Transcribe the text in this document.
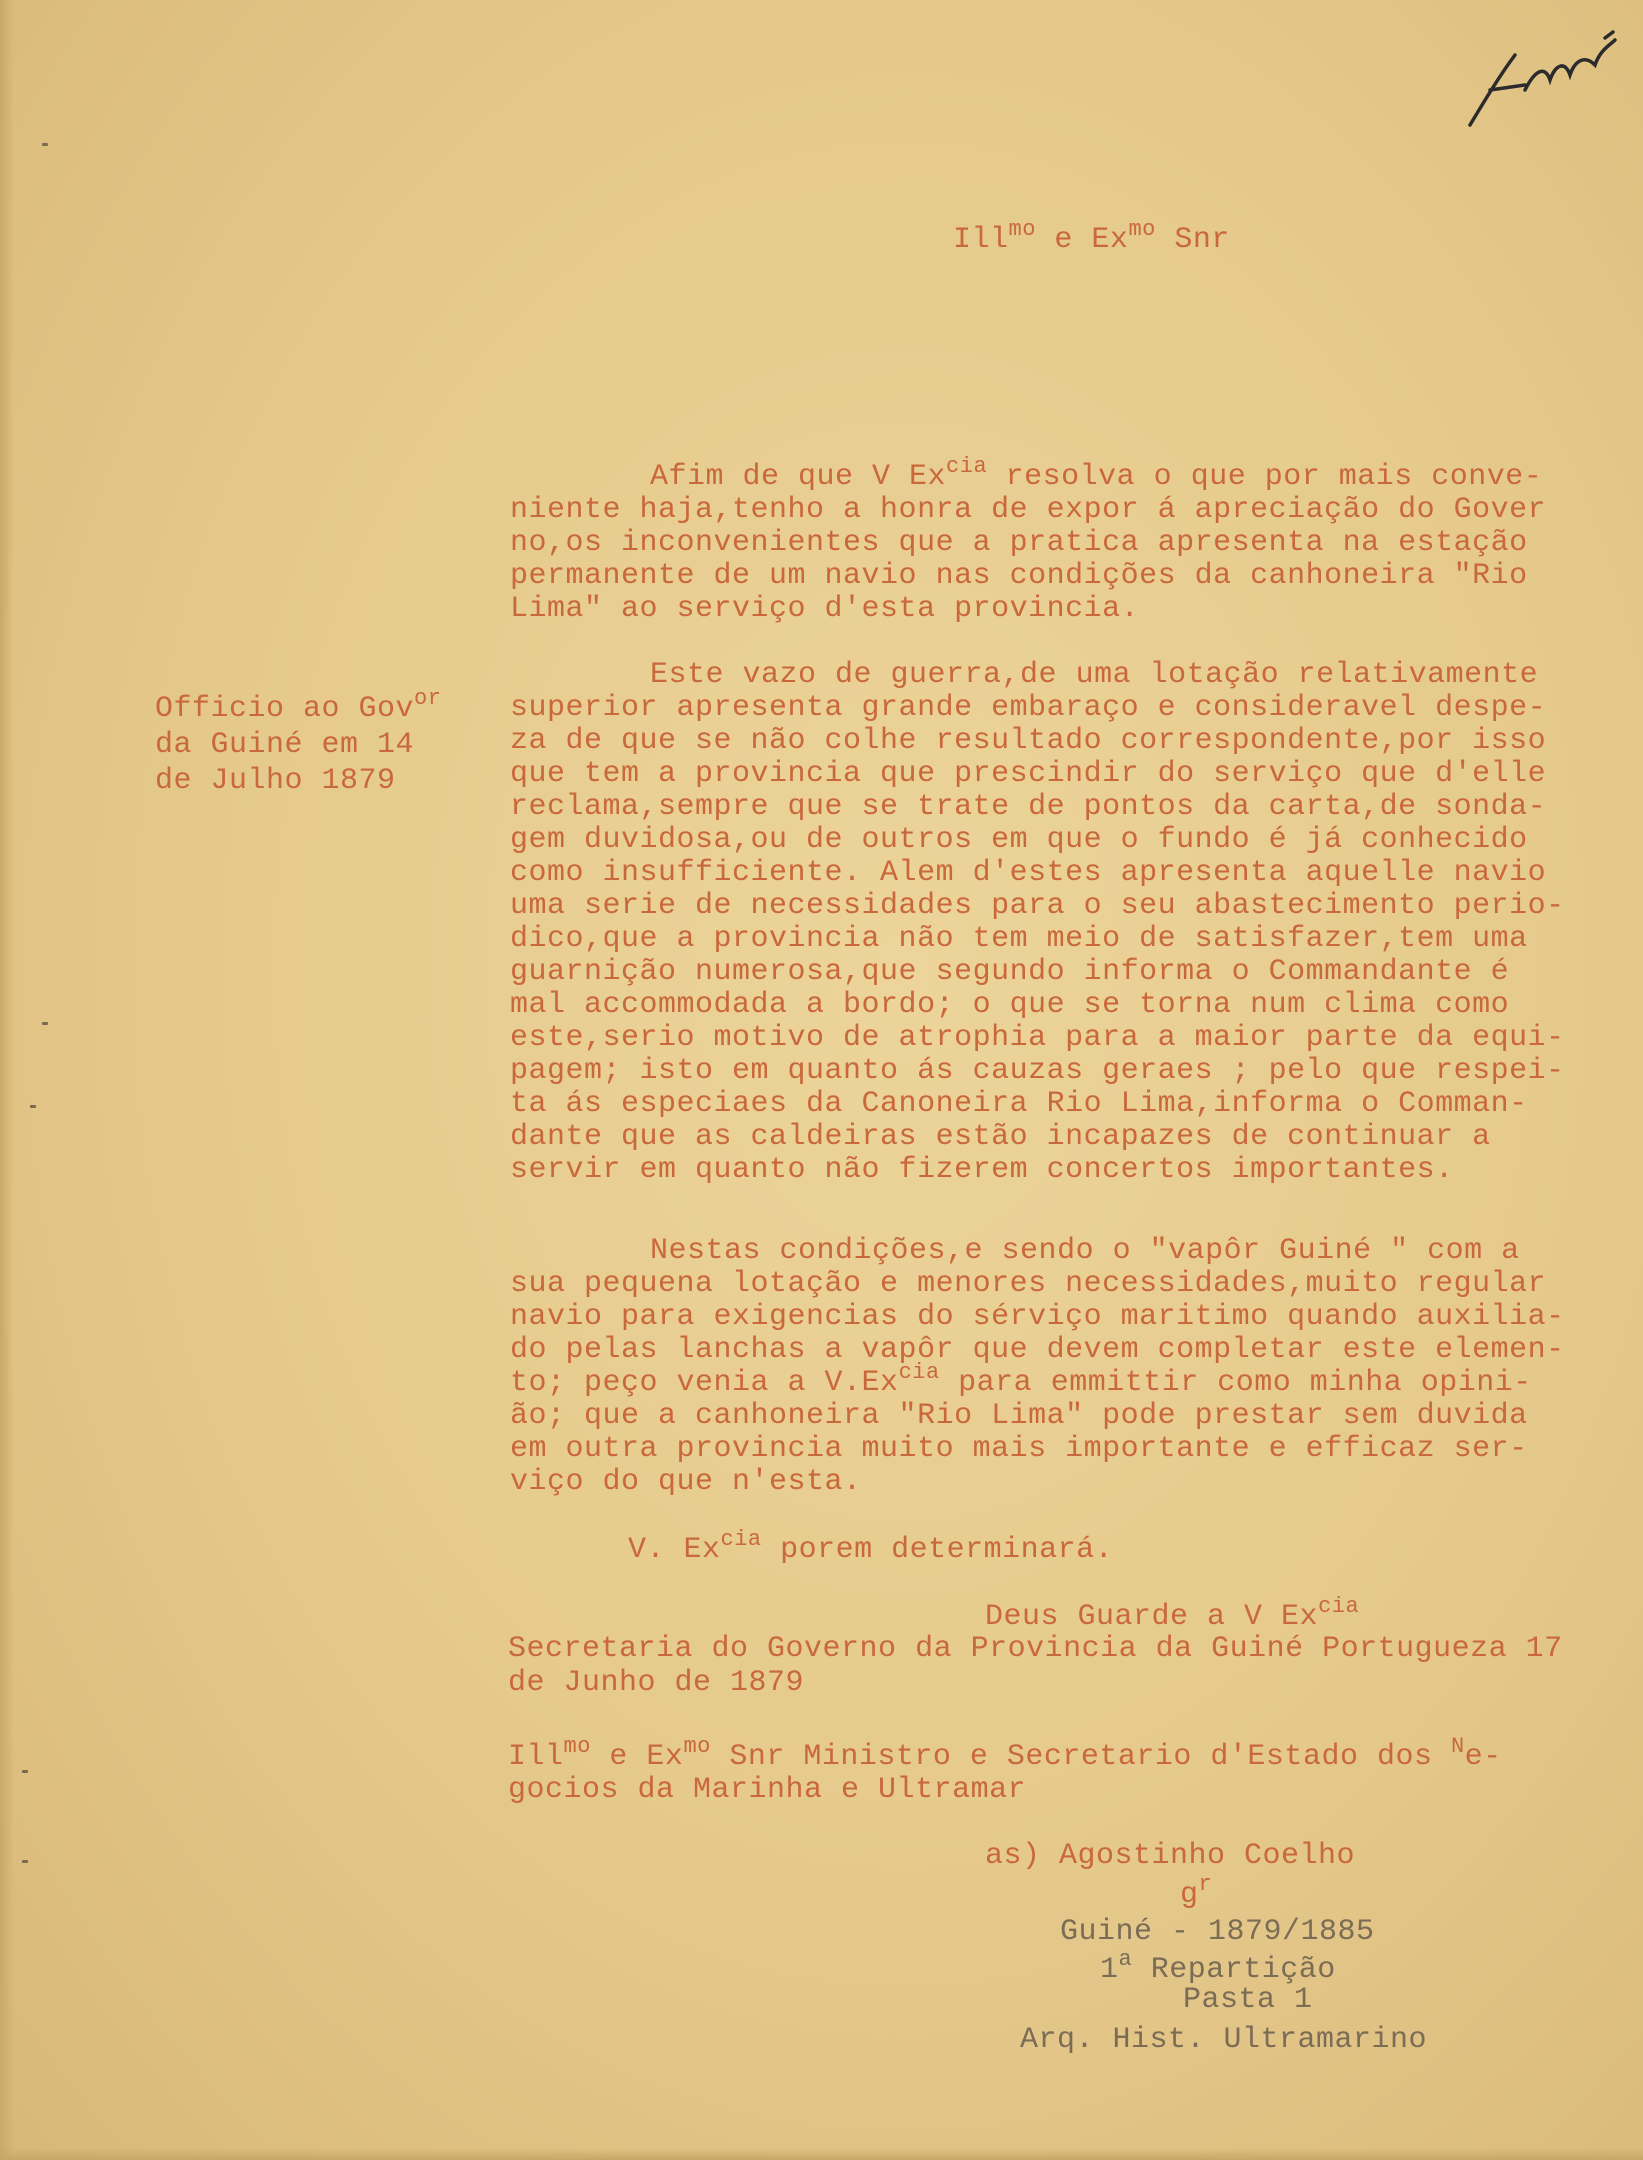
Ill$^{mo}$ e $Ex^{mo}$ Snr
Officio ao Gov$^{or}$
da Guiné em 14
de Julho 1879
Afim de que V $Ex^{cia}$ resolva o que por mais conve-
niente haja,tenho a honra de expor á apreciação do Gover
no,os inconvenientes que a pratica apresenta na estação
permanente de um navio nas condições da canhoneira "Rio
Lima" ao serviço d'esta provincia.
Este vazo de guerra,de uma lotação relativamente
superior apresenta grande embaraço e consideravel despe-
za de que se não colhe resultado correspondente,por isso
que tem a provincia que prescindir do serviço que d'elle
reclama,sempre que se trate de pontos da carta,de sonda-
gem duvidosa,ou de outros em que o fundo é já conhecido
como insufficiente. Alem d'estes apresenta aquelle navio
uma serie de necessidades para o seu abastecimento perio-
dico,que a provincia não tem meio de satisfazer,tem uma
guarnição numerosa,que segundo informa o Commandante é
mal accommodada a bordo; o que se torna num clima como
este,serio motivo de atrophia para a maior parte da equi-
pagem; isto em quanto ás cauzas geraes ; pelo que respei-
ta ás especiaes da Canoneira Rio Lima,informa o Comman-
dante que as caldeiras estão incapazes de continuar a
servir em quanto não fizerem concertos importantes.
Nestas condições,e sendo o "vapôr Guiné " com a
sua pequena lotação e menores necessidades,muito regular
navio para exigencias do sérviço maritimo quando auxilia-
do pelas lanchas a vapôr que devem completar este elemen-
to; peço venia a $V.Ex^{cia}$ para emmittir como minha opini-
ão; que a canhoneira "Rio Lima" pode prestar sem duvida
em outra provincia muito mais importante e efficaz ser-
viço do que n'esta.
V. $Ex^{cia}$ porem determinará.
Deus Guarde a V $Ex^{cia}$
Secretaria do Governo da Provincia da Guiné Portugueza 17
de Junho de 1879
Ill$^{mo}$ e $Ex^{mo}$ Snr Ministro e Secretario d'Estado dos $^N$e-
gocios da Marinha e Ultramar
as) Agostinho Coelho
$g^r$
Guiné - 1879/1885
1$^a$ Repartição
Pasta 1
Arq. Hist. Ultramarino
